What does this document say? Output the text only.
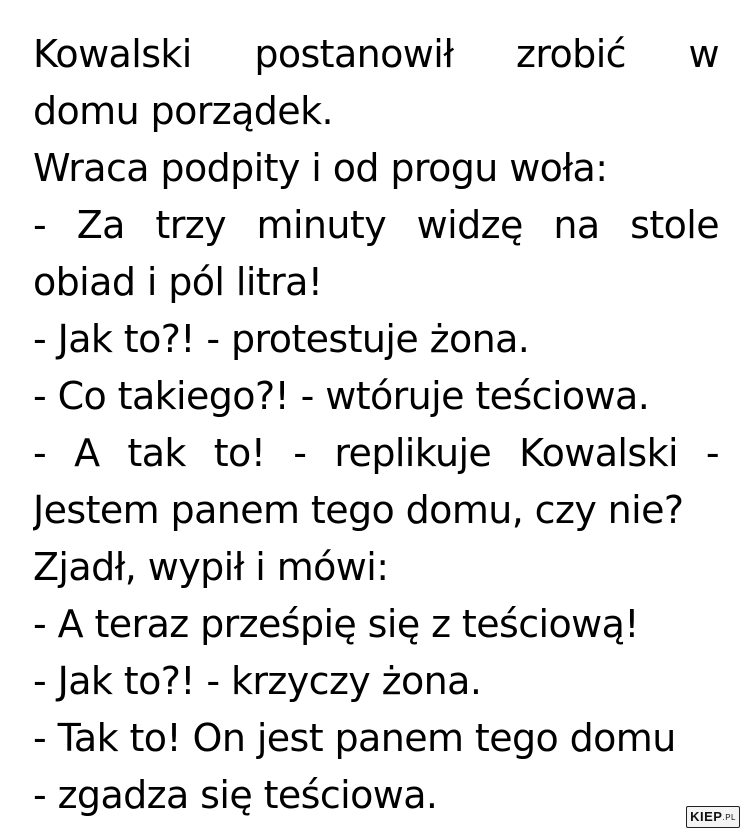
Kowalski postanowił zrobić w
domu porządek.
Wraca podpity i od progu woła:
- Za trzy minuty widzę na stole
obiad i pól litra!
- Jak to?! - protestuje żona.
- Co takiego?! - wtóruje teściowa.
- A tak to! - replikuje Kowalski -
Jestem panem tego domu, czy nie?
Zjadł, wypił i mówi:
- A teraz prześpię się z teściową!
- Jak to?! - krzyczy żona.
- Tak to! On jest panem tego domu
- zgadza się teściowa.	KIEP.PL
